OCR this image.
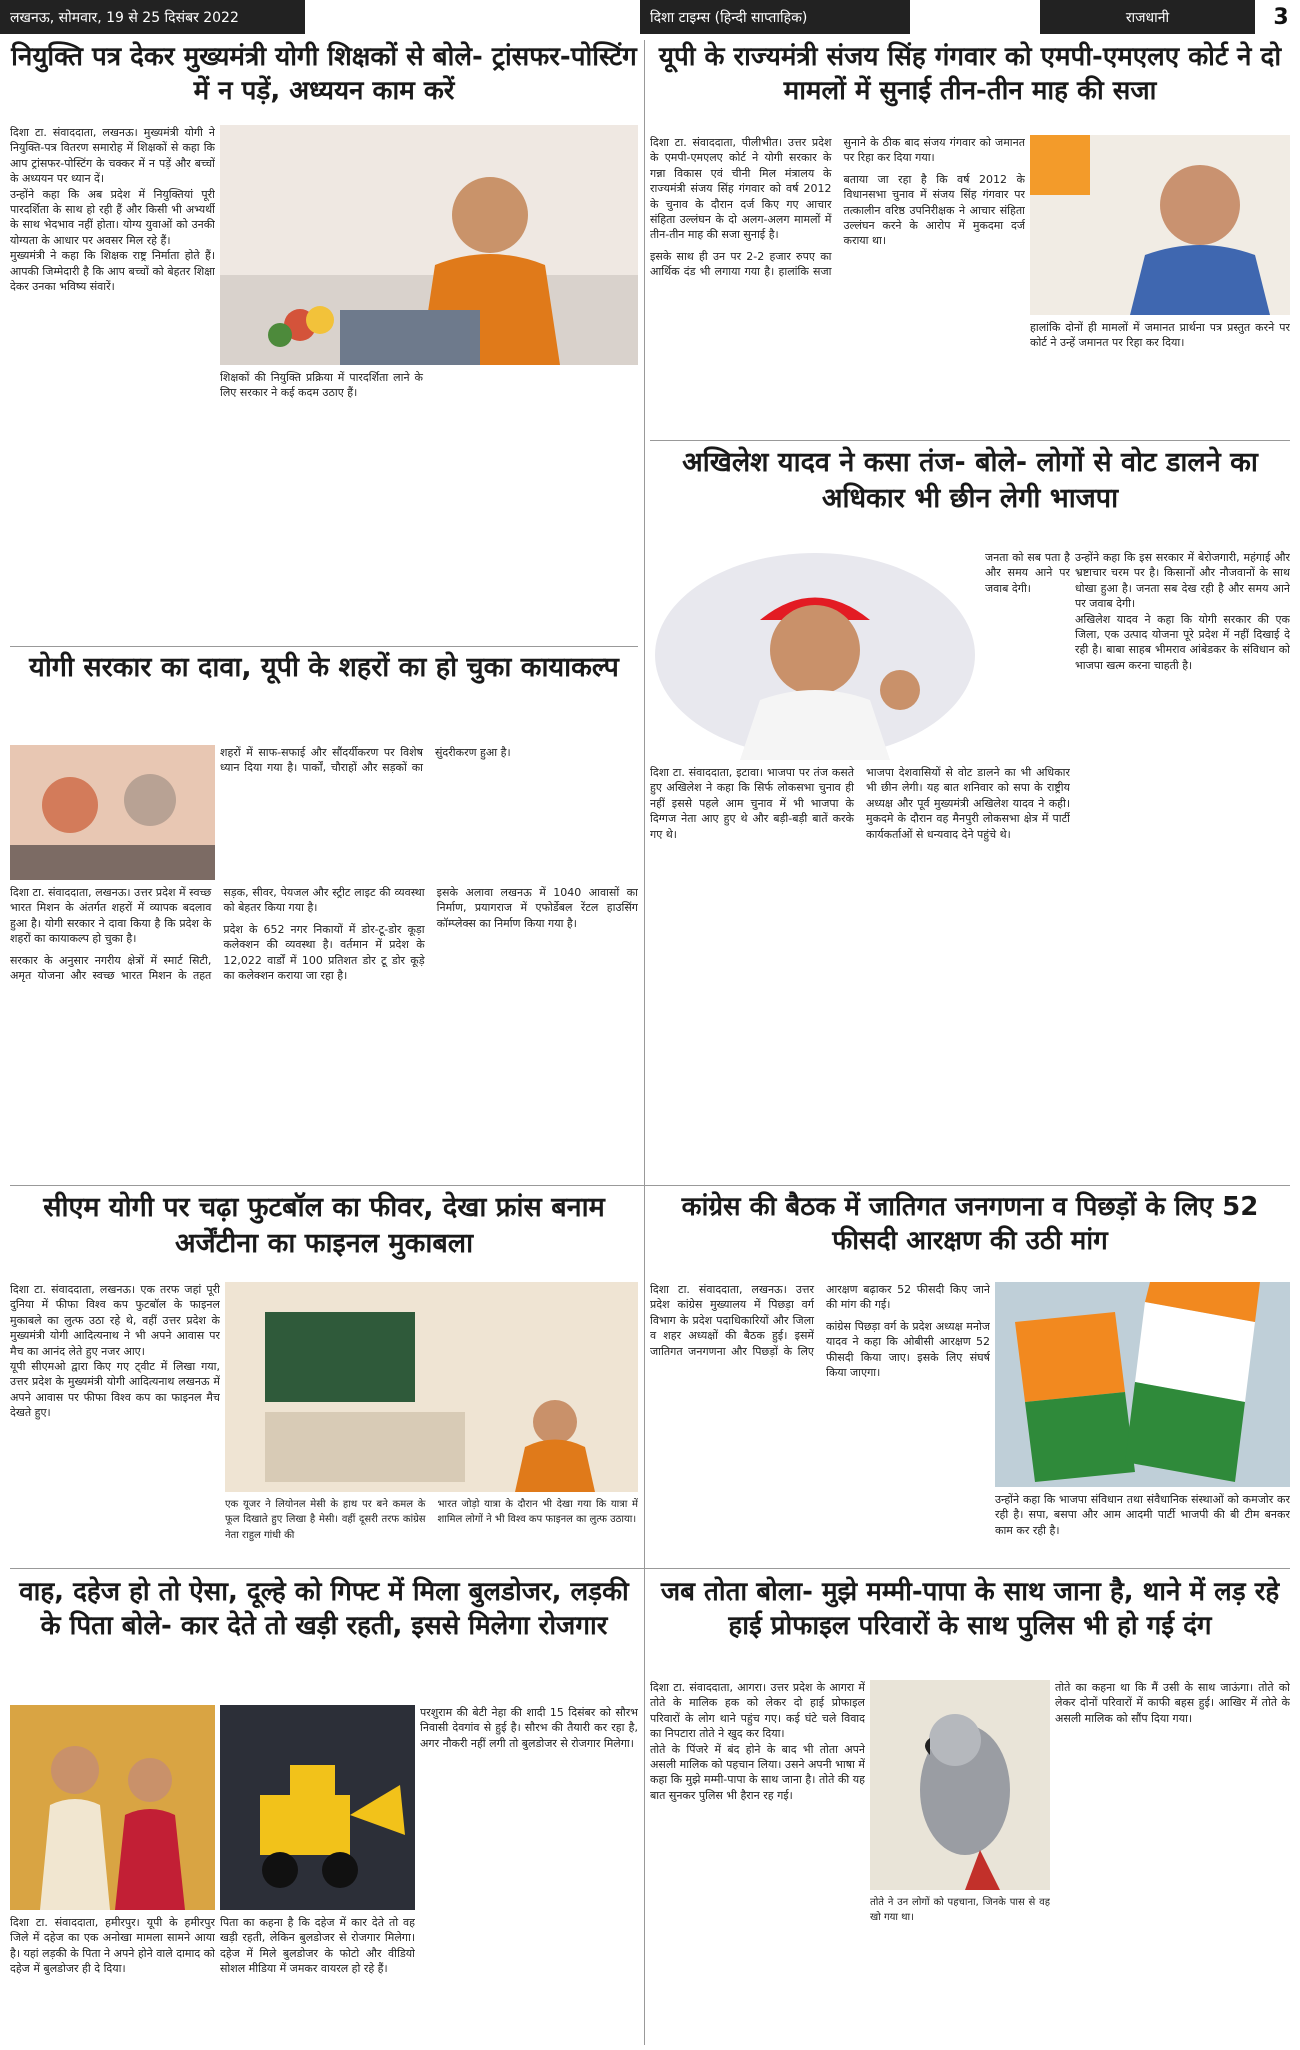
लखनऊ, सोमवार, 19 से 25 दिसंबर 2022	दिशा टाइम्स (हिन्दी साप्ताहिक)	राजधानी	3
नियुक्ति पत्र देकर मुख्यमंत्री योगी शिक्षकों से बोले- ट्रांसफर-पोस्टिंग में न पड़ें, अध्ययन काम करें

दिशा टा. संवाददाता, लखनऊ। मुख्यमंत्री योगी ने नियुक्ति-पत्र वितरण समारोह में शिक्षकों से कहा कि आप ट्रांसफर-पोस्टिंग के चक्कर में न पड़ें और बच्चों के अध्ययन पर ध्यान दें।

उन्होंने कहा कि अब प्रदेश में नियुक्तियां पूरी पारदर्शिता के साथ हो रही हैं और किसी भी अभ्यर्थी के साथ भेदभाव नहीं होता। योग्य युवाओं को उनकी योग्यता के आधार पर अवसर मिल रहे हैं।

मुख्यमंत्री ने कहा कि शिक्षक राष्ट्र निर्माता होते हैं। आपकी जिम्मेदारी है कि आप बच्चों को बेहतर शिक्षा देकर उनका भविष्य संवारें।

शिक्षकों की नियुक्ति प्रक्रिया में पारदर्शिता लाने के लिए सरकार ने कई कदम उठाए हैं।

यूपी के राज्यमंत्री संजय सिंह गंगवार को एमपी-एमएलए कोर्ट ने दो मामलों में सुनाई तीन-तीन माह की सजा

दिशा टा. संवाददाता, पीलीभीत। उत्तर प्रदेश के एमपी-एमएलए कोर्ट ने योगी सरकार के गन्ना विकास एवं चीनी मिल मंत्रालय के राज्यमंत्री संजय सिंह गंगवार को वर्ष 2012 के चुनाव के दौरान दर्ज किए गए आचार संहिता उल्लंघन के दो अलग-अलग मामलों में तीन-तीन माह की सजा सुनाई है।

इसके साथ ही उन पर 2-2 हजार रुपए का आर्थिक दंड भी लगाया गया है। हालांकि सजा सुनाने के ठीक बाद संजय गंगवार को जमानत पर रिहा कर दिया गया।

बताया जा रहा है कि वर्ष 2012 के विधानसभा चुनाव में संजय सिंह गंगवार पर तत्कालीन वरिष्ठ उपनिरीक्षक ने आचार संहिता उल्लंघन करने के आरोप में मुकदमा दर्ज कराया था।

हालांकि दोनों ही मामलों में जमानत प्रार्थना पत्र प्रस्तुत करने पर कोर्ट ने उन्हें जमानत पर रिहा कर दिया।

अखिलेश यादव ने कसा तंज- बोले- लोगों से वोट डालने का अधिकार भी छीन लेगी भाजपा

जनता को सब पता है और समय आने पर जवाब देगी।

उन्होंने कहा कि इस सरकार में बेरोजगारी, महंगाई और भ्रष्टाचार चरम पर है। किसानों और नौजवानों के साथ धोखा हुआ है। जनता सब देख रही है और समय आने पर जवाब देगी।

अखिलेश यादव ने कहा कि योगी सरकार की एक जिला, एक उत्पाद योजना पूरे प्रदेश में नहीं दिखाई दे रही है। बाबा साहब भीमराव आंबेडकर के संविधान को भाजपा खत्म करना चाहती है।

दिशा टा. संवाददाता, इटावा। भाजपा पर तंज कसते हुए अखिलेश ने कहा कि सिर्फ लोकसभा चुनाव ही नहीं इससे पहले आम चुनाव में भी भाजपा के दिग्गज नेता आए हुए थे और बड़ी-बड़ी बातें करके गए थे।

भाजपा देशवासियों से वोट डालने का भी अधिकार भी छीन लेगी। यह बात शनिवार को सपा के राष्ट्रीय अध्यक्ष और पूर्व मुख्यमंत्री अखिलेश यादव ने कही। मुकदमे के दौरान वह मैनपुरी लोकसभा क्षेत्र में पार्टी कार्यकर्ताओं से धन्यवाद देने पहुंचे थे।

योगी सरकार का दावा, यूपी के शहरों का हो चुका कायाकल्प

दिशा टा. संवाददाता, लखनऊ। उत्तर प्रदेश में स्वच्छ भारत मिशन के अंतर्गत शहरों में व्यापक बदलाव हुआ है। योगी सरकार ने दावा किया है कि प्रदेश के शहरों का कायाकल्प हो चुका है।

सरकार के अनुसार नगरीय क्षेत्रों में स्मार्ट सिटी, अमृत योजना और स्वच्छ भारत मिशन के तहत सड़क, सीवर, पेयजल और स्ट्रीट लाइट की व्यवस्था को बेहतर किया गया है।

प्रदेश के 652 नगर निकायों में डोर-टू-डोर कूड़ा कलेक्शन की व्यवस्था है। वर्तमान में प्रदेश के 12,022 वार्डों में 100 प्रतिशत डोर टू डोर कूड़े का कलेक्शन कराया जा रहा है।

इसके अलावा लखनऊ में 1040 आवासों का निर्माण, प्रयागराज में एफोर्डेबल रेंटल हाउसिंग कॉम्प्लेक्स का निर्माण किया गया है।

शहरों में साफ-सफाई और सौंदर्यीकरण पर विशेष ध्यान दिया गया है। पार्कों, चौराहों और सड़कों का सुंदरीकरण हुआ है।

सीएम योगी पर चढ़ा फुटबॉल का फीवर, देखा फ्रांस बनाम अर्जेंटीना का फाइनल मुकाबला

दिशा टा. संवाददाता, लखनऊ। एक तरफ जहां पूरी दुनिया में फीफा विश्व कप फुटबॉल के फाइनल मुकाबले का लुत्फ उठा रहे थे, वहीं उत्तर प्रदेश के मुख्यमंत्री योगी आदित्यनाथ ने भी अपने आवास पर मैच का आनंद लेते हुए नजर आए।

यूपी सीएमओ द्वारा किए गए ट्वीट में लिखा गया, उत्तर प्रदेश के मुख्यमंत्री योगी आदित्यनाथ लखनऊ में अपने आवास पर फीफा विश्व कप का फाइनल मैच देखते हुए।

एक यूजर ने लियोनल मेसी के हाथ पर बने कमल के फूल दिखाते हुए लिखा है मेसी। वहीं दूसरी तरफ कांग्रेस नेता राहुल गांधी की

भारत जोड़ो यात्रा के दौरान भी देखा गया कि यात्रा में शामिल लोगों ने भी विश्व कप फाइनल का लुत्फ उठाया।

कांग्रेस की बैठक में जातिगत जनगणना व पिछड़ों के लिए 52 फीसदी आरक्षण की उठी मांग

दिशा टा. संवाददाता, लखनऊ। उत्तर प्रदेश कांग्रेस मुख्यालय में पिछड़ा वर्ग विभाग के प्रदेश पदाधिकारियों और जिला व शहर अध्यक्षों की बैठक हुई। इसमें जातिगत जनगणना और पिछड़ों के लिए आरक्षण बढ़ाकर 52 फीसदी किए जाने की मांग की गई।

कांग्रेस पिछड़ा वर्ग के प्रदेश अध्यक्ष मनोज यादव ने कहा कि ओबीसी आरक्षण 52 फीसदी किया जाए। इसके लिए संघर्ष किया जाएगा।

उन्होंने कहा कि भाजपा संविधान तथा संवैधानिक संस्थाओं को कमजोर कर रही है। सपा, बसपा और आम आदमी पार्टी भाजपी की बी टीम बनकर काम कर रही है।

वाह, दहेज हो तो ऐसा, दूल्हे को गिफ्ट में मिला बुलडोजर, लड़की के पिता बोले- कार देते तो खड़ी रहती, इससे मिलेगा रोजगार

दिशा टा. संवाददाता, हमीरपुर। यूपी के हमीरपुर जिले में दहेज का एक अनोखा मामला सामने आया है। यहां लड़की के पिता ने अपने होने वाले दामाद को दहेज में बुलडोजर ही दे दिया।

पिता का कहना है कि दहेज में कार देते तो वह खड़ी रहती, लेकिन बुलडोजर से रोजगार मिलेगा। दहेज में मिले बुलडोजर के फोटो और वीडियो सोशल मीडिया में जमकर वायरल हो रहे हैं।

परशुराम की बेटी नेहा की शादी 15 दिसंबर को सौरभ निवासी देवगांव से हुई है। सौरभ की तैयारी कर रहा है, अगर नौकरी नहीं लगी तो बुलडोजर से रोजगार मिलेगा।

जब तोता बोला- मुझे मम्मी-पापा के साथ जाना है, थाने में लड़ रहे हाई प्रोफाइल परिवारों के साथ पुलिस भी हो गई दंग

दिशा टा. संवाददाता, आगरा। उत्तर प्रदेश के आगरा में तोते के मालिक हक को लेकर दो हाई प्रोफाइल परिवारों के लोग थाने पहुंच गए। कई घंटे चले विवाद का निपटारा तोते ने खुद कर दिया।

तोते के पिंजरे में बंद होने के बाद भी तोता अपने असली मालिक को पहचान लिया। उसने अपनी भाषा में कहा कि मुझे मम्मी-पापा के साथ जाना है। तोते की यह बात सुनकर पुलिस भी हैरान रह गई।

तोते ने उन लोगों को पहचाना, जिनके पास से वह खो गया था।

तोते का कहना था कि मैं उसी के साथ जाऊंगा। तोते को लेकर दोनों परिवारों में काफी बहस हुई। आखिर में तोते के असली मालिक को सौंप दिया गया।
